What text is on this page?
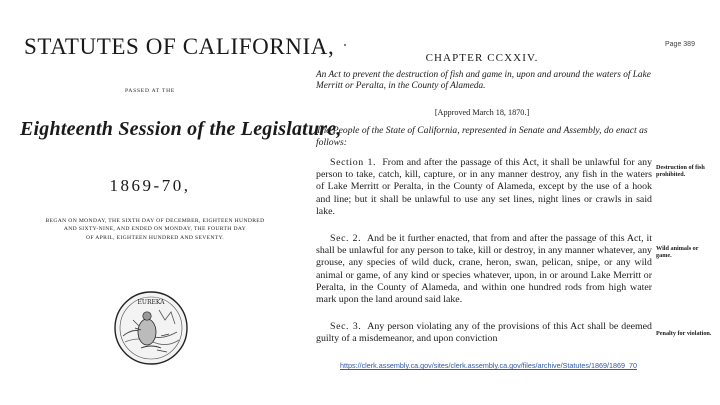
STATUTES OF CALIFORNIA,
PASSED AT THE
Eighteenth Session of the Legislature,
1869-70,
BEGAN ON MONDAY, THE SIXTH DAY OF DECEMBER, EIGHTEEN HUNDRED
AND SIXTY-NINE, AND ENDED ON MONDAY, THE FOURTH DAY
OF APRIL, EIGHTEEN HUNDRED AND SEVENTY.
EUREKA
Page 389
CHAPTER CCXXIV.
An Act to prevent the destruction of fish and game in, upon and around the waters of Lake Merritt or Peralta, in the County of Alameda.
[Approved March 18, 1870.]
The People of the State of California, represented in Senate and Assembly, do enact as follows:

Section 1. From and after the passage of this Act, it shall be unlawful for any person to take, catch, kill, capture, or in any manner destroy, any fish in the waters of Lake Merritt or Peralta, in the County of Alameda, except by the use of a hook and line; but it shall be unlawful to use any set lines, night lines or crawls in said lake.

Destruction of fish prohibited.

Sec. 2. And be it further enacted, that from and after the passage of this Act, it shall be unlawful for any person to take, kill or destroy, in any manner whatever, any grouse, any species of wild duck, crane, heron, swan, pelican, snipe, or any wild animal or game, of any kind or species whatever, upon, in or around Lake Merritt or Peralta, in the County of Alameda, and within one hundred rods from high water mark upon the land around said lake.

Wild animals or game.

Sec. 3. Any person violating any of the provisions of this Act shall be deemed guilty of a misdemeanor, and upon conviction	Penalty for violation.
https://clerk.assembly.ca.gov/sites/clerk.assembly.ca.gov/files/archive/Statutes/1869/1869_70
